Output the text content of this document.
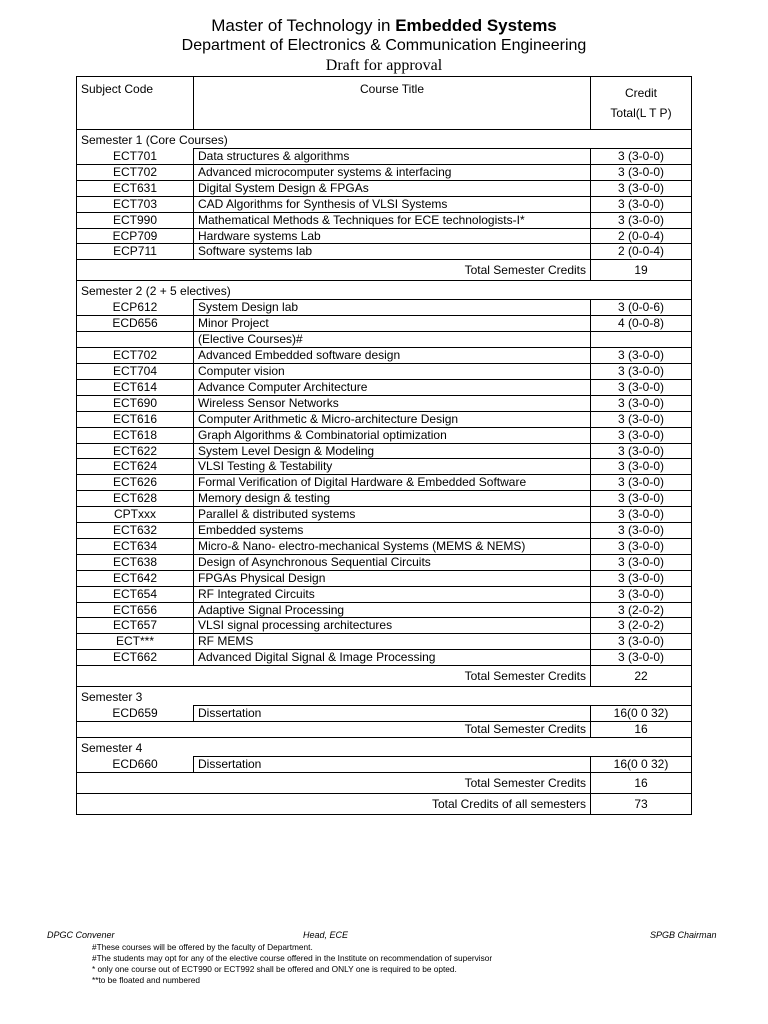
Master of Technology in Embedded Systems
Department of Electronics & Communication Engineering
Draft for approval
Subject Code	Course Title	Credit
Total(L T P)

Semester 1 (Core Courses)		
ECT701	Data structures & algorithms	3 (3-0-0)
ECT702	Advanced microcomputer systems & interfacing	3 (3-0-0)
ECT631	Digital System Design & FPGAs	3 (3-0-0)
ECT703	CAD Algorithms for Synthesis of VLSI Systems	3 (3-0-0)
ECT990	Mathematical Methods & Techniques for ECE technologists-I*	3 (3-0-0)
ECP709	Hardware systems Lab	2 (0-0-4)
ECP711	Software systems lab	2 (0-0-4)
Total Semester Credits		19
Semester 2 (2 + 5 electives)		
ECP612	System Design lab	3 (0-0-6)
ECD656	Minor Project	4 (0-0-8)
	(Elective Courses)#	
ECT702	Advanced Embedded software design	3 (3-0-0)
ECT704	Computer vision	3 (3-0-0)
ECT614	Advance Computer Architecture	3 (3-0-0)
ECT690	Wireless Sensor Networks	3 (3-0-0)
ECT616	Computer Arithmetic & Micro-architecture Design	3 (3-0-0)
ECT618	Graph Algorithms & Combinatorial optimization	3 (3-0-0)
ECT622	System Level Design & Modeling	3 (3-0-0)
ECT624	VLSI Testing & Testability	3 (3-0-0)
ECT626	Formal Verification of Digital Hardware & Embedded Software	3 (3-0-0)
ECT628	Memory design & testing	3 (3-0-0)
CPTxxx	Parallel & distributed systems	3 (3-0-0)
ECT632	Embedded systems	3 (3-0-0)
ECT634	Micro-& Nano- electro-mechanical Systems (MEMS & NEMS)	3 (3-0-0)
ECT638	Design of Asynchronous Sequential Circuits	3 (3-0-0)
ECT642	FPGAs Physical Design	3 (3-0-0)
ECT654	RF Integrated Circuits	3 (3-0-0)
ECT656	Adaptive Signal Processing	3 (2-0-2)
ECT657	VLSI signal processing architectures	3 (2-0-2)
ECT***	RF MEMS	3 (3-0-0)
ECT662	Advanced Digital Signal & Image Processing	3 (3-0-0)
Total Semester Credits		22
Semester 3		
ECD659	Dissertation	16(0 0 32)
Total Semester Credits		16
Semester 4		
ECD660	Dissertation	16(0 0 32)
Total Semester Credits		16
Total Credits of all semesters		73
DPGC Convener	Head, ECE	SPGB Chairman
#These courses will be offered by the faculty of Department.
#The students may opt for any of the elective course offered in the Institute on recommendation of supervisor
* only one course out of ECT990 or ECT992 shall be offered and ONLY one is required to be opted.
**to be floated and numbered
